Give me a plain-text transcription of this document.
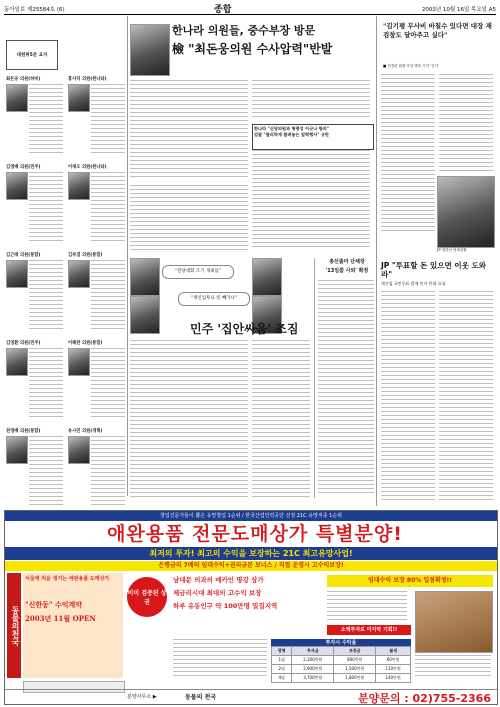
동아일보 제25584호 (6)	종합	2003년 10월 16일 목요일 A5
대원위5본 요지
최돈웅 의원(하비)	홍사덕 의원(한나라)
김영배 의원(민주)	이재오 의원(한나라)
김근태 의원(통합)	김부겸 의원(통합)
김영환 의원(민주)	이해찬 의원(통합)
천정배 의원(통합)	유시민 의원(개혁)
한나라 의원들, 중수부장 방문
檢 "최돈웅의원 수사압력"반발
한나라 "신당의원과 형평성 어긋나 항의"
검찰 "불리하게 불려놓는 압력행사" 규탄
"전당대회 조기 개최를"
"재신임투표 빈 빼가나"
민주 '집안싸움' 조짐
총선출마 단체장
'13일쯤 사퇴' 확정
"김기평 무사비 바칠수 있다면 대장 재검창도 달아주고 싶다"
■ 전경련 회장 후임 발표 기자 ‘김각’
JP 원하신 당대심할
JP "투표할 돈 있으면 이웃 도와라"
재신임 국민투표 발제·민자 반대 요청
창업진문가들이 뽑은 유망창업 1순위 / 한국산업인력공단 선정 21C 유망직종 1순위
애완용품 전문도매상가 특별분양!
최저의 투자! 최고의 수익을 보장하는 21C 최고유망사업!
은행금리 7배의 임대수익+권리금본 보너스 / 직접 운영시 고수익보장!
동물의천국
서울에 처음 생기는 애완용품 도매상가
"신한동" 수익계약
2003년 11월 OPEN
이미 검증된 상권
남대문 의과의 메카인 명강 상가
제금리시대 최대의 고수익 보장
하루 유동인구 약 100만명 밀집지역
임대수익 보장 80% 입점확정!!
소액투자로 마지막 기회!!
투자시 수익율
평형	투자금	보증금	월세
1평	2,300만원	800만원	60만원
2평	2,900만원	1,500만원	110만원
4평	3,700만원	1,800만원	140만원
분양사무소 ▶	동물의 천국	분양문의 : 02)755-2366
